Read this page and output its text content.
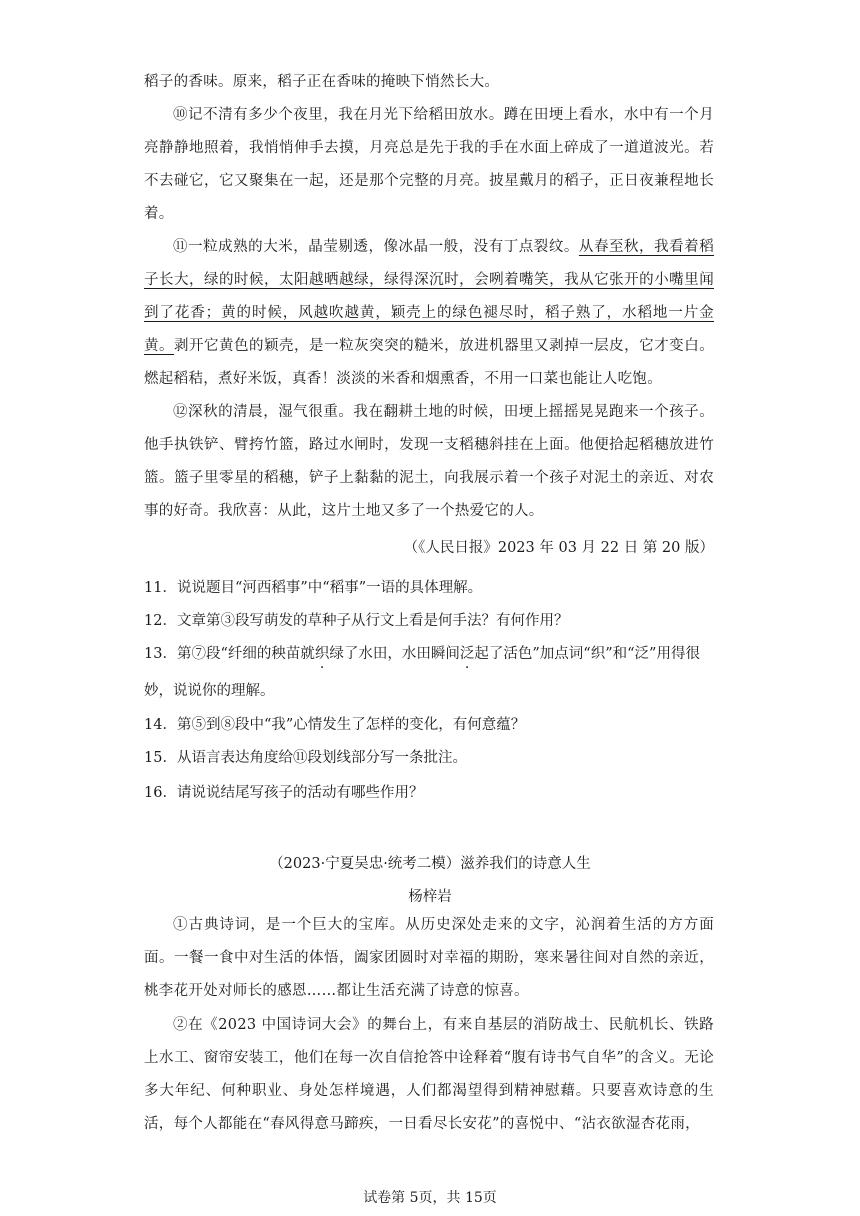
稻子的香味。原来，稻子正在香味的掩映下悄然长大。

⑩记不清有多少个夜里，我在月光下给稻田放水。蹲在田埂上看水，水中有一个月亮静静地照着，我悄悄伸手去摸，月亮总是先于我的手在水面上碎成了一道道波光。若不去碰它，它又聚集在一起，还是那个完整的月亮。披星戴月的稻子，正日夜兼程地长着。

⑪一粒成熟的大米，晶莹剔透，像冰晶一般，没有丁点裂纹。从春至秋，我看着稻子长大，绿的时候，太阳越晒越绿，绿得深沉时，会咧着嘴笑，我从它张开的小嘴里闻到了花香；黄的时候，风越吹越黄，颖壳上的绿色褪尽时，稻子熟了，水稻地一片金黄。剥开它黄色的颖壳，是一粒灰突突的糙米，放进机器里又剥掉一层皮，它才变白。燃起稻秸，煮好米饭，真香！淡淡的米香和烟熏香，不用一口菜也能让人吃饱。

⑫深秋的清晨，湿气很重。我在翻耕土地的时候，田埂上摇摇晃晃跑来一个孩子。他手执铁铲、臂挎竹篮，路过水闸时，发现一支稻穗斜挂在上面。他便拾起稻穗放进竹篮。篮子里零星的稻穗，铲子上黏黏的泥土，向我展示着一个孩子对泥土的亲近、对农事的好奇。我欣喜：从此，这片土地又多了一个热爱它的人。

（《人民日报》2023 年 03 月 22 日 第 20 版）

11．说说题目“河西稻事”中“稻事”一语的具体理解。

12．文章第③段写萌发的草种子从行文上看是何手法？有何作用？

13．第⑦段“纤细的秧苗就织绿了水田，水田瞬间泛起了活色”加点词“织”和“泛”用得很

妙，说说你的理解。

14．第⑤到⑧段中“我”心情发生了怎样的变化，有何意蕴？

15．从语言表达角度给⑪段划线部分写一条批注。

16．请说说结尾写孩子的活动有哪些作用？

（2023·宁夏吴忠·统考二模）滋养我们的诗意人生
杨梓岩

①古典诗词，是一个巨大的宝库。从历史深处走来的文字，沁润着生活的方方面面。一餐一食中对生活的体悟，阖家团圆时对幸福的期盼，寒来暑往间对自然的亲近，桃李花开处对师长的感恩……都让生活充满了诗意的惊喜。

②在《2023 中国诗词大会》的舞台上，有来自基层的消防战士、民航机长、铁路上水工、窗帘安装工，他们在每一次自信抢答中诠释着“腹有诗书气自华”的含义。无论多大年纪、何种职业、身处怎样境遇，人们都渴望得到精神慰藉。只要喜欢诗意的生活，每个人都能在“春风得意马蹄疾，一日看尽长安花”的喜悦中、“沾衣欲湿杏花雨，

试卷第 5页，共 15页
